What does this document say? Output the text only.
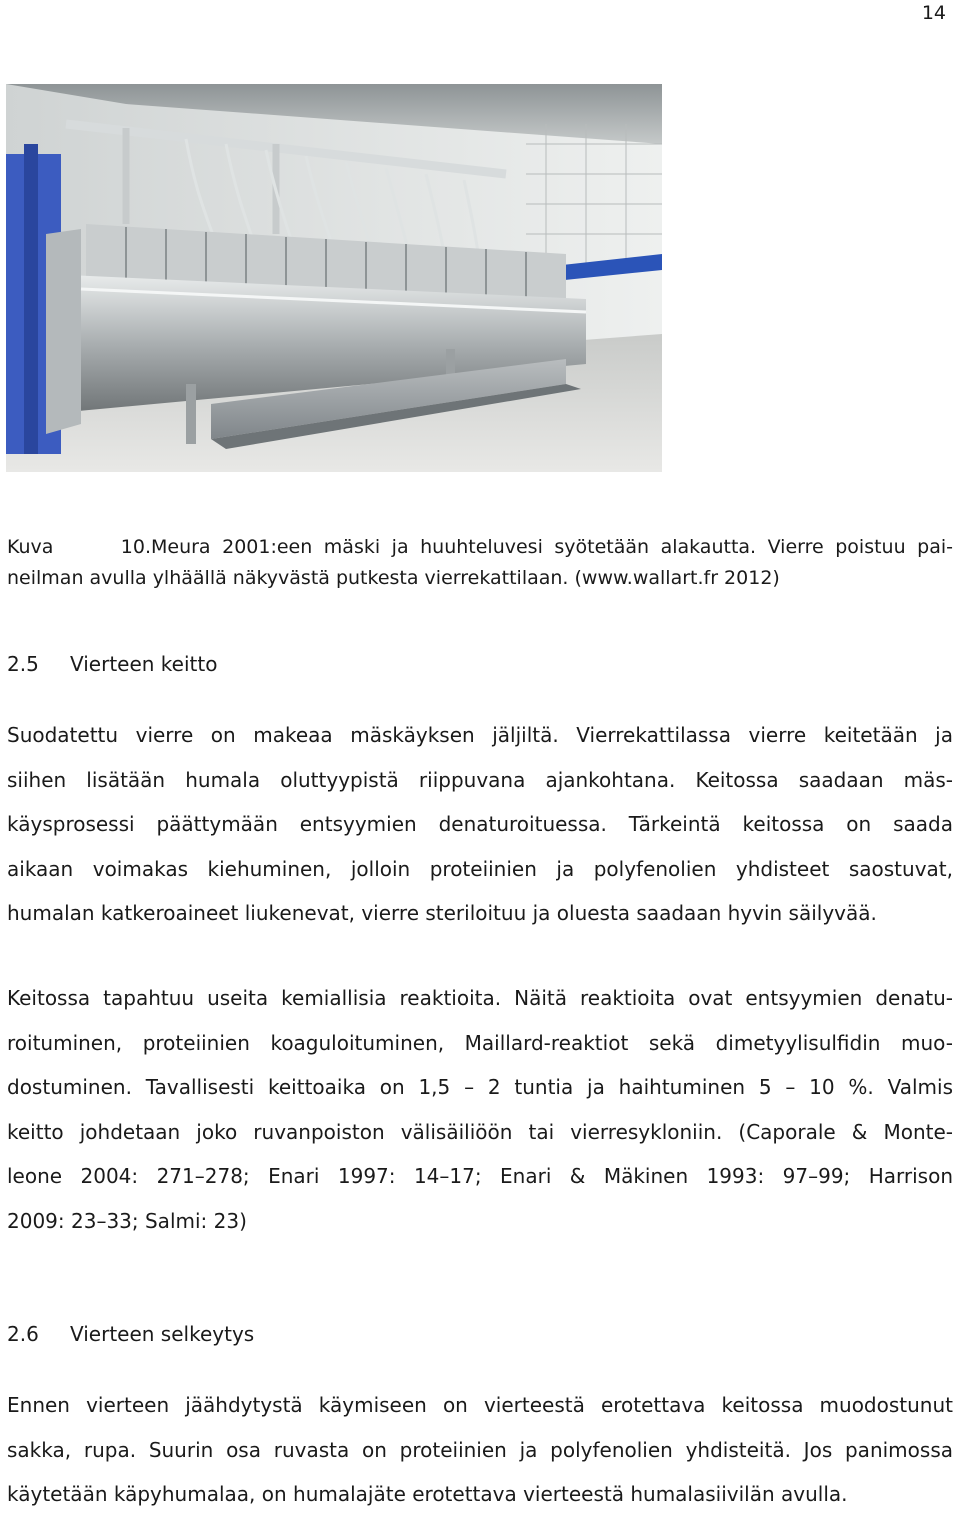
14
Kuva 10.Meura 2001:een mäski ja huuhteluvesi syötetään alakautta. Vierre poistuu pai-
neilman avulla ylhäällä näkyvästä putkesta vierrekattilaan. (www.wallart.fr 2012)
2.5 Vierteen keitto
Suodatettu vierre on makeaa mäskäyksen jäljiltä. Vierrekattilassa vierre keitetään ja
siihen lisätään humala oluttyypistä riippuvana ajankohtana. Keitossa saadaan mäs-
käysprosessi päättymään entsyymien denaturoituessa. Tärkeintä keitossa on saada
aikaan voimakas kiehuminen, jolloin proteiinien ja polyfenolien yhdisteet saostuvat,
humalan katkeroaineet liukenevat, vierre steriloituu ja oluesta saadaan hyvin säilyvää.
Keitossa tapahtuu useita kemiallisia reaktioita. Näitä reaktioita ovat entsyymien denatu-
roituminen, proteiinien koaguloituminen, Maillard-reaktiot sekä dimetyylisulfidin muo-
dostuminen. Tavallisesti keittoaika on 1,5 – 2 tuntia ja haihtuminen 5 – 10 %. Valmis
keitto johdetaan joko ruvanpoiston välisäiliöön tai vierresykloniin. (Caporale & Monte-
leone 2004: 271–278; Enari 1997: 14–17; Enari & Mäkinen 1993: 97–99; Harrison
2009: 23–33; Salmi: 23)
2.6 Vierteen selkeytys
Ennen vierteen jäähdytystä käymiseen on vierteestä erotettava keitossa muodostunut
sakka, rupa. Suurin osa ruvasta on proteiinien ja polyfenolien yhdisteitä. Jos panimossa
käytetään käpyhumalaa, on humalajäte erotettava vierteestä humalasiivilän avulla.
